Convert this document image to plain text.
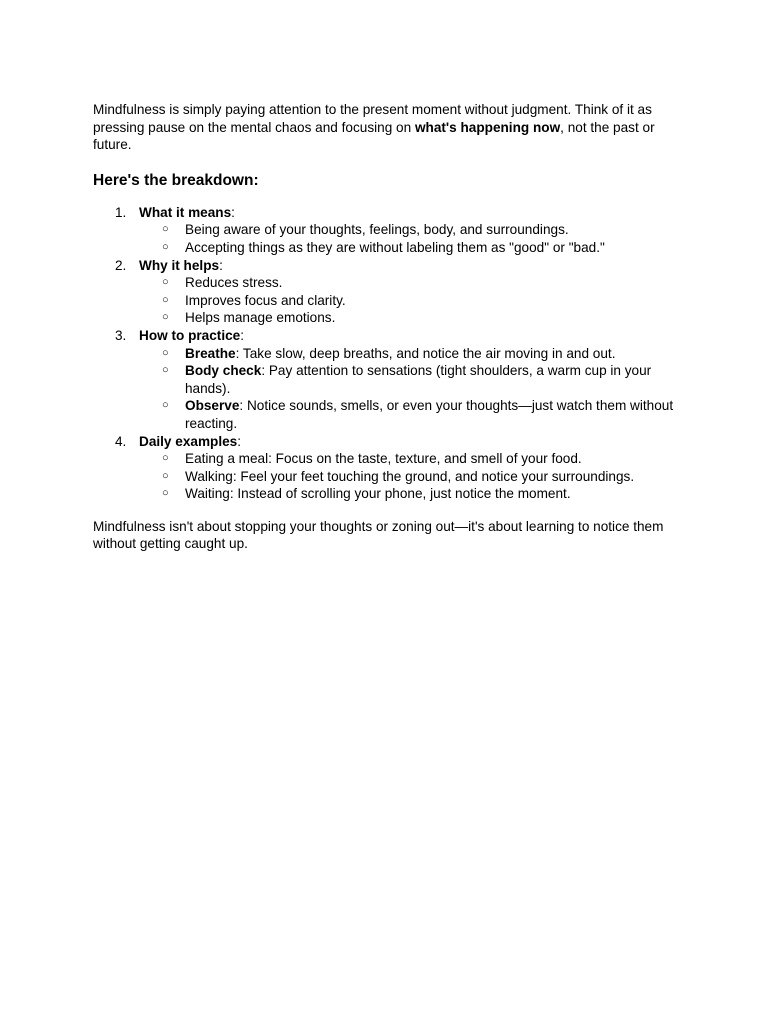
Mindfulness is simply paying attention to the present moment without judgment. Think of it as pressing pause on the mental chaos and focusing on what's happening now, not the past or future.

Here's the breakdown:
1. What it means:
○ Being aware of your thoughts, feelings, body, and surroundings.
○ Accepting things as they are without labeling them as "good" or "bad."
2. Why it helps:
○ Reduces stress.
○ Improves focus and clarity.
○ Helps manage emotions.
3. How to practice:
○ Breathe: Take slow, deep breaths, and notice the air moving in and out.
○ Body check: Pay attention to sensations (tight shoulders, a warm cup in your hands).
○ Observe: Notice sounds, smells, or even your thoughts—just watch them without reacting.
4. Daily examples:
○ Eating a meal: Focus on the taste, texture, and smell of your food.
○ Walking: Feel your feet touching the ground, and notice your surroundings.
○ Waiting: Instead of scrolling your phone, just notice the moment.

Mindfulness isn't about stopping your thoughts or zoning out—it's about learning to notice them without getting caught up.
